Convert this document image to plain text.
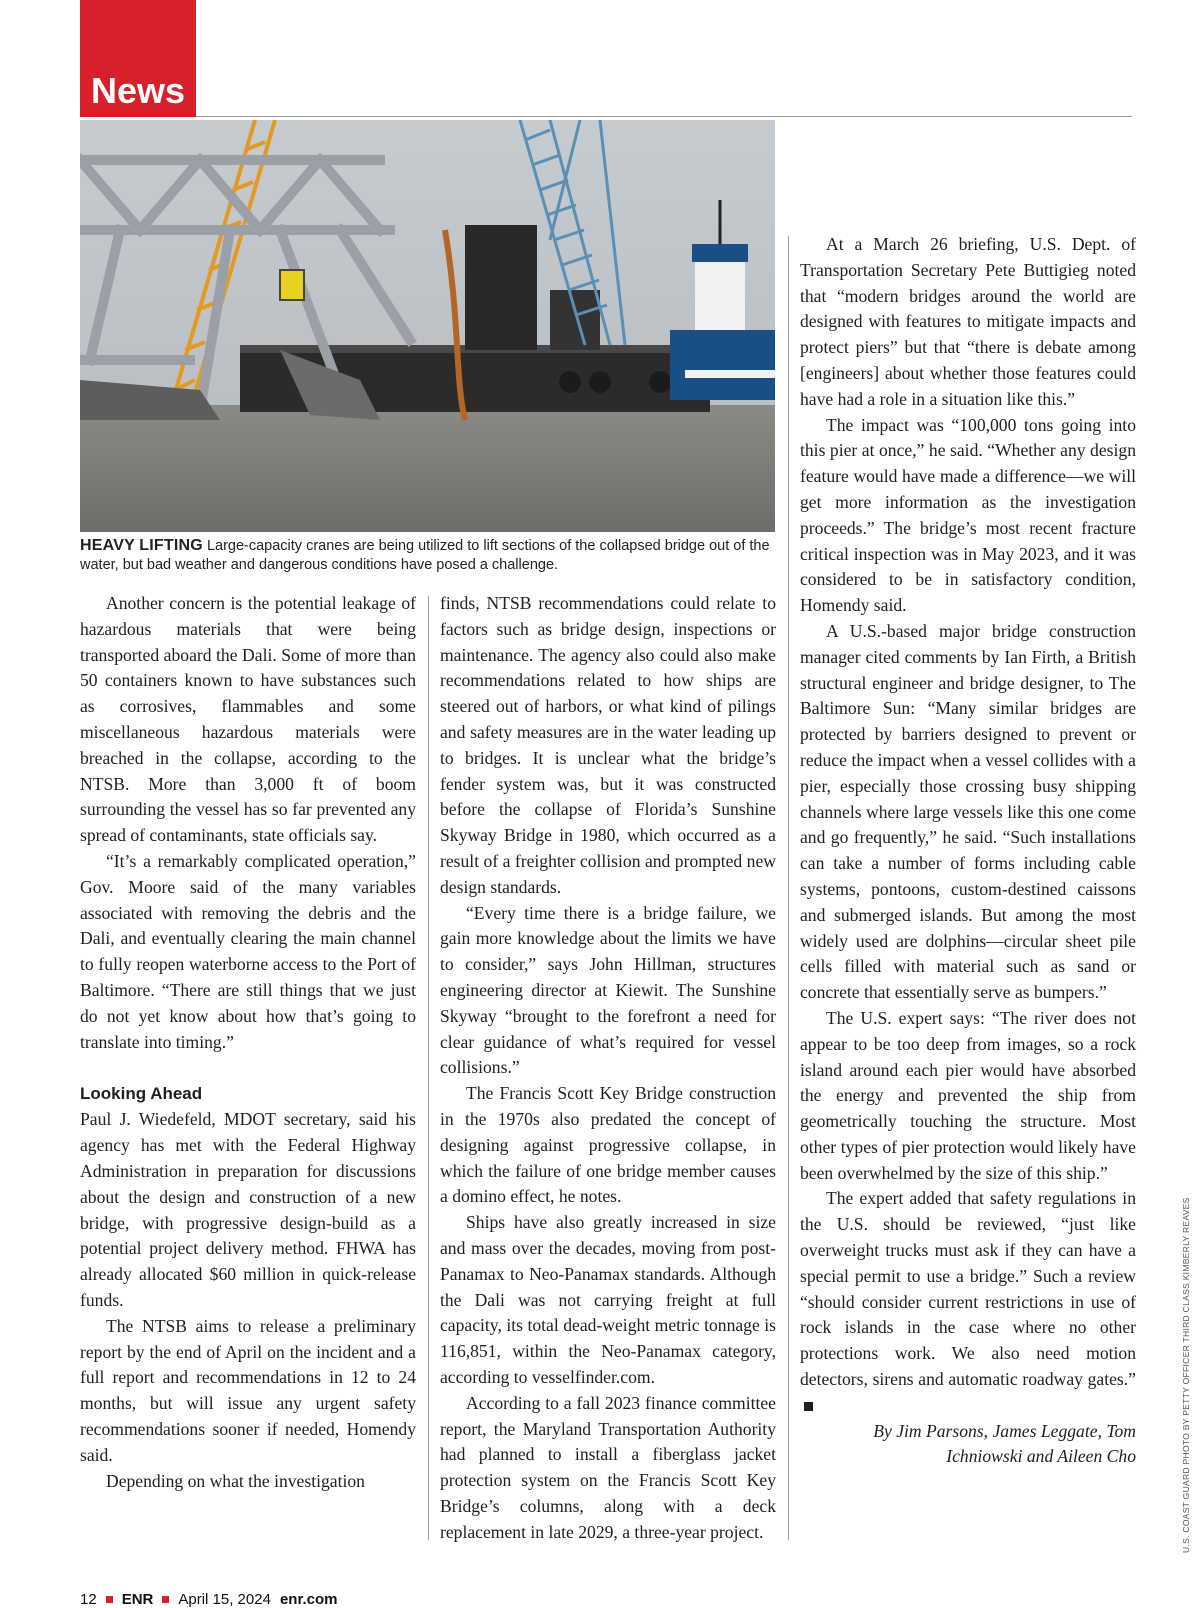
News
HEAVY LIFTING Large-capacity cranes are being utilized to lift sections of the collapsed bridge out of the water, but bad weather and dangerous conditions have posed a challenge.

Another concern is the potential leakage of hazardous materials that were being transported aboard the Dali. Some of more than 50 containers known to have substances such as corrosives, flammables and some miscellaneous hazardous materials were breached in the collapse, according to the NTSB. More than 3,000 ft of boom surrounding the vessel has so far prevented any spread of contaminants, state officials say.

“It’s a remarkably complicated operation,” Gov. Moore said of the many variables associated with removing the debris and the Dali, and eventually clearing the main channel to fully reopen waterborne access to the Port of Baltimore. “There are still things that we just do not yet know about how that’s going to translate into timing.”

Looking Ahead

Paul J. Wiedefeld, MDOT secretary, said his agency has met with the Federal Highway Administration in preparation for discussions about the design and construction of a new bridge, with progressive design-build as a potential project delivery method. FHWA has already allocated $60 million in quick-release funds.

The NTSB aims to release a preliminary report by the end of April on the incident and a full report and recommendations in 12 to 24 months, but will issue any urgent safety recommendations sooner if needed, Homendy said.

Depending on what the investigation

finds, NTSB recommendations could relate to factors such as bridge design, inspections or maintenance. The agency also could also make recommendations related to how ships are steered out of harbors, or what kind of pilings and safety measures are in the water leading up to bridges. It is unclear what the bridge’s fender system was, but it was constructed before the collapse of Florida’s Sunshine Skyway Bridge in 1980, which occurred as a result of a freighter collision and prompted new design standards.

“Every time there is a bridge failure, we gain more knowledge about the limits we have to consider,” says John Hillman, structures engineering director at Kiewit. The Sunshine Skyway “brought to the forefront a need for clear guidance of what’s required for vessel collisions.”

The Francis Scott Key Bridge construction in the 1970s also predated the concept of designing against progressive collapse, in which the failure of one bridge member causes a domino effect, he notes.

Ships have also greatly increased in size and mass over the decades, moving from post-Panamax to Neo-Panamax standards. Although the Dali was not carrying freight at full capacity, its total dead-weight metric tonnage is 116,851, within the Neo-Panamax category, according to vesselfinder.com.

According to a fall 2023 finance committee report, the Maryland Transportation Authority had planned to install a fiberglass jacket protection system on the Francis Scott Key Bridge’s columns, along with a deck replacement in late 2029, a three-year project.

At a March 26 briefing, U.S. Dept. of Transportation Secretary Pete Buttigieg noted that “modern bridges around the world are designed with features to mitigate impacts and protect piers” but that “there is debate among [engineers] about whether those features could have had a role in a situation like this.”

The impact was “100,000 tons going into this pier at once,” he said. “Whether any design feature would have made a difference—we will get more information as the investigation proceeds.” The bridge’s most recent fracture critical inspection was in May 2023, and it was considered to be in satisfactory condition, Homendy said.

A U.S.-based major bridge construction manager cited comments by Ian Firth, a British structural engineer and bridge designer, to The Baltimore Sun: “Many similar bridges are protected by barriers designed to prevent or reduce the impact when a vessel collides with a pier, especially those crossing busy shipping channels where large vessels like this one come and go frequently,” he said. “Such installations can take a number of forms including cable systems, pontoons, custom-destined caissons and submerged islands. But among the most widely used are dolphins—circular sheet pile cells filled with material such as sand or concrete that essentially serve as bumpers.”

The U.S. expert says: “The river does not appear to be too deep from images, so a rock island around each pier would have absorbed the energy and prevented the ship from geometrically touching the structure. Most other types of pier protection would likely have been overwhelmed by the size of this ship.”

The expert added that safety regulations in the U.S. should be reviewed, “just like overweight trucks must ask if they can have a special permit to use a bridge.” Such a review “should consider current restrictions in use of rock islands in the case where no other protections work. We also need motion detectors, sirens and automatic roadway gates.”

By Jim Parsons, James Leggate, Tom Ichniowski and Aileen Cho	U.S. COAST GUARD PHOTO BY PETTY OFFICER THIRD CLASS KIMBERLY REAVES
12 ENR April 15, 2024 enr.com
